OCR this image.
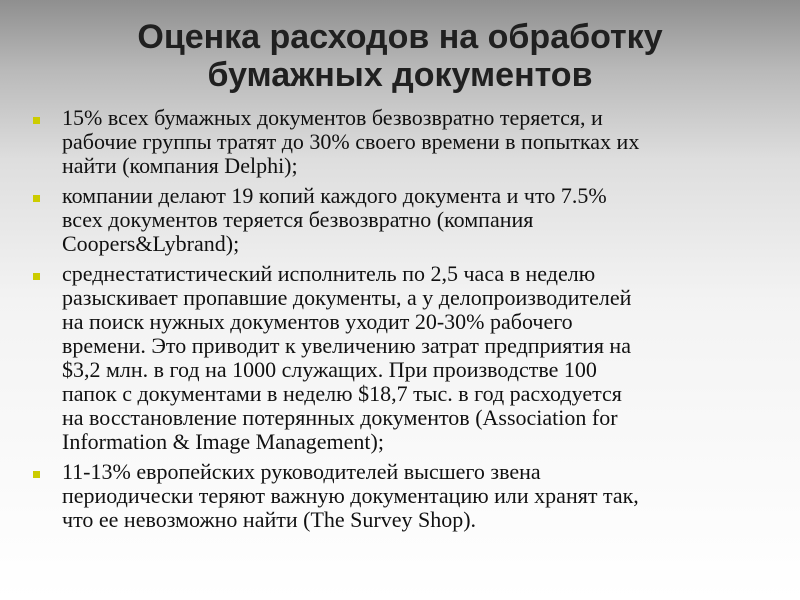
Оценка расходов на обработку
бумажных документов
15% всех бумажных документов безвозвратно теряется, и
рабочие группы тратят до 30% своего времени в попытках их
найти (компания Delphi);
компании делают 19 копий каждого документа и что 7.5%
всех документов теряется безвозвратно (компания
Coopers&Lybrand);
среднестатистический исполнитель по 2,5 часа в неделю
разыскивает пропавшие документы, а у делопроизводителей
на поиск нужных документов уходит 20-30% рабочего
времени. Это приводит к увеличению затрат предприятия на
$3,2 млн. в год на 1000 служащих. При производстве 100
папок с документами в неделю $18,7 тыс. в год расходуется
на восстановление потерянных документов (Association for
Information & Image Management);
11-13% европейских руководителей высшего звена
периодически теряют важную документацию или хранят так,
что ее невозможно найти (The Survey Shop).
